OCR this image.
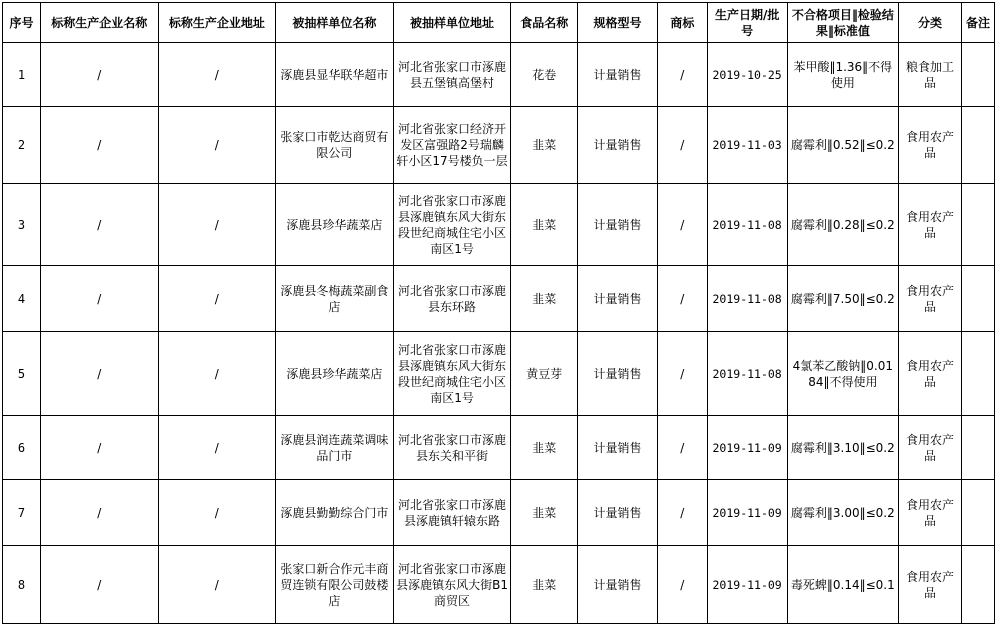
序号	标称生产企业名称	标称生产企业地址	被抽样单位名称	被抽样单位地址	食品名称	规格型号	商标	生产日期/批号	不合格项目‖检验结果‖标准值	分类	备注
1	/	/	涿鹿县显华联华超市	河北省张家口市涿鹿县五堡镇高堡村	花卷	计量销售	/	2019-10-25	苯甲酸‖1.36‖不得使用	粮食加工品	
2	/	/	张家口市乾达商贸有限公司	河北省张家口经济开发区富强路2号瑞麟轩小区17号楼负一层	韭菜	计量销售	/	2019-11-03	腐霉利‖0.52‖≤0.2	食用农产品	
3	/	/	涿鹿县珍华蔬菜店	河北省张家口市涿鹿县涿鹿镇东风大街东段世纪商城住宅小区南区1号	韭菜	计量销售	/	2019-11-08	腐霉利‖0.28‖≤0.2	食用农产品	
4	/	/	涿鹿县冬梅蔬菜副食店	河北省张家口市涿鹿县东环路	韭菜	计量销售	/	2019-11-08	腐霉利‖7.50‖≤0.2	食用农产品	
5	/	/	涿鹿县珍华蔬菜店	河北省张家口市涿鹿县涿鹿镇东风大街东段世纪商城住宅小区南区1号	黄豆芽	计量销售	/	2019-11-08	4氯苯乙酸钠‖0.0184‖不得使用	食用农产品	
6	/	/	涿鹿县润连蔬菜调味品门市	河北省张家口市涿鹿县东关和平街	韭菜	计量销售	/	2019-11-09	腐霉利‖3.10‖≤0.2	食用农产品	
7	/	/	涿鹿县勤勤综合门市	河北省张家口市涿鹿县涿鹿镇轩辕东路	韭菜	计量销售	/	2019-11-09	腐霉利‖3.00‖≤0.2	食用农产品	
8	/	/	张家口新合作元丰商贸连锁有限公司鼓楼店	河北省张家口市涿鹿县涿鹿镇东风大街B1商贸区	韭菜	计量销售	/	2019-11-09	毒死蜱‖0.14‖≤0.1	食用农产品	
